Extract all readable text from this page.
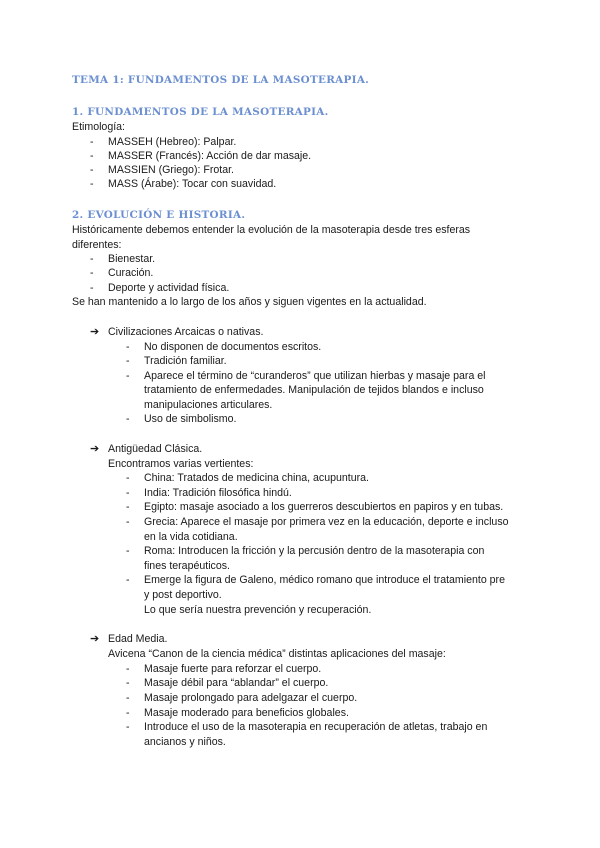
TEMA 1: FUNDAMENTOS DE LA MASOTERAPIA.
1. FUNDAMENTOS DE LA MASOTERAPIA.
Etimología:
-	MASSEH (Hebreo): Palpar.
-	MASSER (Francés): Acción de dar masaje.
-	MASSIEN (Griego): Frotar.
-	MASS (Árabe): Tocar con suavidad.
2. EVOLUCIÓN E HISTORIA.
Históricamente debemos entender la evolución de la masoterapia desde tres esferas
diferentes:
-	Bienestar.
-	Curación.
-	Deporte y actividad física.
Se han mantenido a lo largo de los años y siguen vigentes en la actualidad.
➔ Civilizaciones Arcaicas o nativas.
-	No disponen de documentos escritos.
-	Tradición familiar.
-	Aparece el término de “curanderos” que utilizan hierbas y masaje para el
tratamiento de enfermedades. Manipulación de tejidos blandos e incluso
manipulaciones articulares.
-	Uso de simbolismo.
➔ Antigüedad Clásica.
Encontramos varias vertientes:
-	China: Tratados de medicina china, acupuntura.
-	India: Tradición filosófica hindú.
-	Egipto: masaje asociado a los guerreros descubiertos en papiros y en tubas.
-	Grecia: Aparece el masaje por primera vez en la educación, deporte e incluso
en la vida cotidiana.
-	Roma: Introducen la fricción y la percusión dentro de la masoterapia con
fines terapéuticos.
-	Emerge la figura de Galeno, médico romano que introduce el tratamiento pre
y post deportivo.
Lo que sería nuestra prevención y recuperación.
➔ Edad Media.
Avicena “Canon de la ciencia médica” distintas aplicaciones del masaje:
-	Masaje fuerte para reforzar el cuerpo.
-	Masaje débil para “ablandar” el cuerpo.
-	Masaje prolongado para adelgazar el cuerpo.
-	Masaje moderado para beneficios globales.
-	Introduce el uso de la masoterapia en recuperación de atletas, trabajo en
ancianos y niños.
